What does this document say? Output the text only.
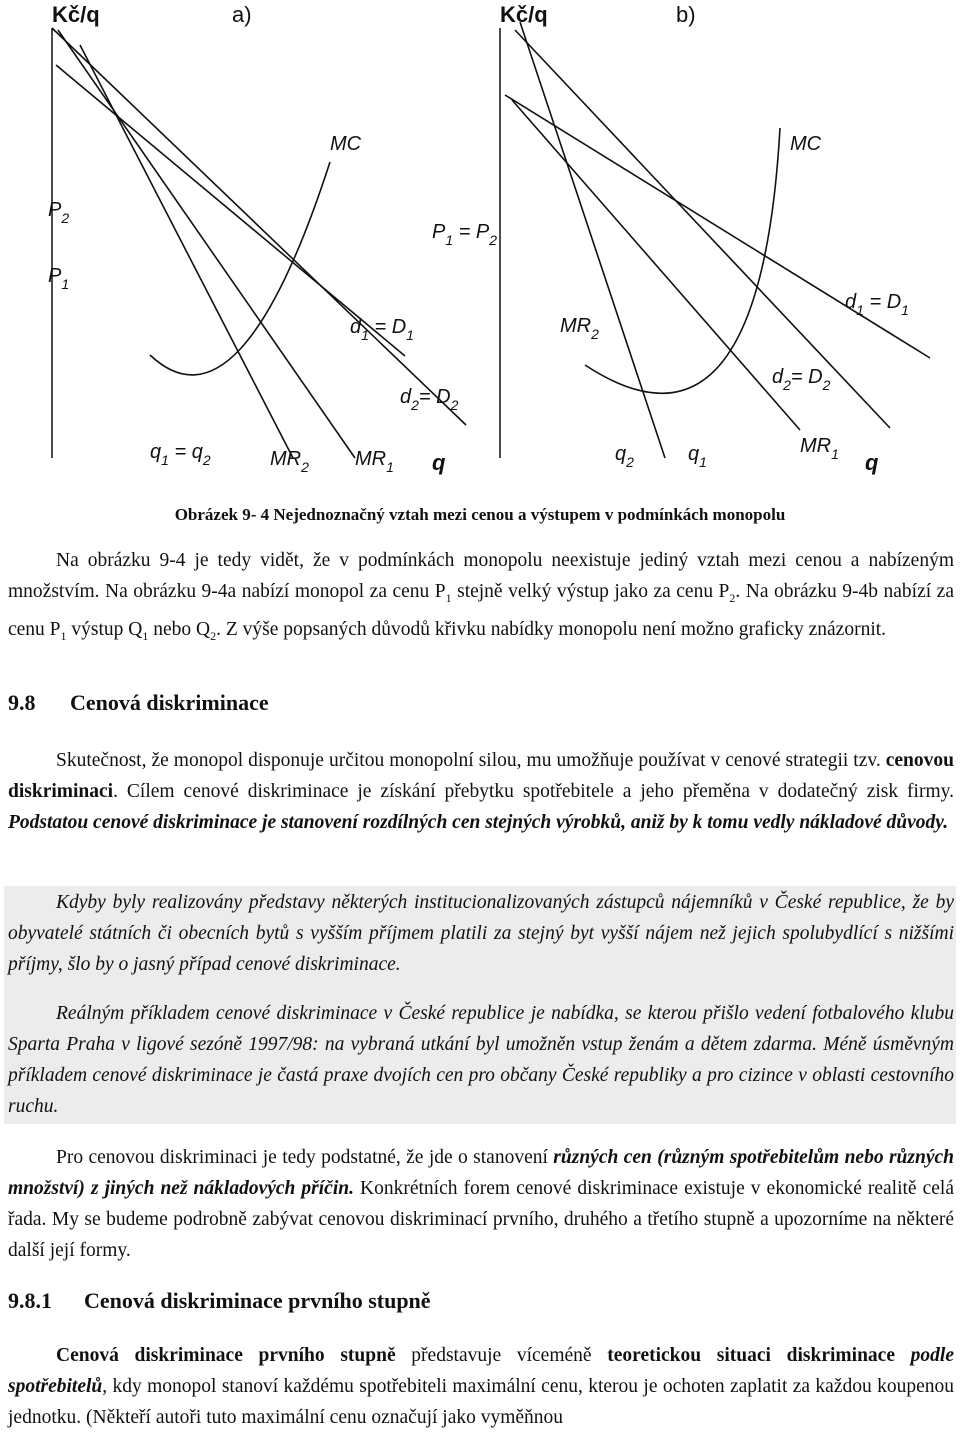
Kč/q	a)
MC
$P_2$
$P_1$
$d_1 = D_1$
$d_2= D_2$
$q_1 = q_2$	$MR_2$ $MR_1$ q
Kč/q	b)
MC
$P_1 = P_2$
$MR_2$
$d_1 = D_1$
$d_2= D_2$
$q_2$	$q_1$
$MR_1$ q
Obrázek 9- 4 Nejednoznačný vztah mezi cenou a výstupem v podmínkách monopolu

Na obrázku 9-4 je tedy vidět, že v podmínkách monopolu neexistuje jediný vztah mezi cenou a nabízeným množstvím. Na obrázku 9-4a nabízí monopol za cenu $P_1$ stejně velký výstup jako za cenu $P_2$. Na obrázku 9-4b nabízí za cenu $P_1$ výstup $Q_1$ nebo $Q_2$. Z výše popsaných důvodů křivku nabídky monopolu není možno graficky znázornit.

9.8 Cenová diskriminace

Skutečnost, že monopol disponuje určitou monopolní silou, mu umožňuje používat v cenové strategii tzv. cenovou diskriminaci. Cílem cenové diskriminace je získání přebytku spotřebitele a jeho přeměna v dodatečný zisk firmy. Podstatou cenové diskriminace je stanovení rozdílných cen stejných výrobků, aniž by k tomu vedly nákladové důvody.

Kdyby byly realizovány představy některých institucionalizovaných zástupců nájemníků v České republice, že by obyvatelé státních či obecních bytů s vyšším příjmem platili za stejný byt vyšší nájem než jejich spolubydlící s nižšími příjmy, šlo by o jasný případ cenové diskriminace.

Reálným příkladem cenové diskriminace v České republice je nabídka, se kterou přišlo vedení fotbalového klubu Sparta Praha v ligové sezóně 1997/98: na vybraná utkání byl umožněn vstup ženám a dětem zdarma. Méně úsměvným příkladem cenové diskriminace je častá praxe dvojích cen pro občany České republiky a pro cizince v oblasti cestovního ruchu.

Pro cenovou diskriminaci je tedy podstatné, že jde o stanovení různých cen (různým spotřebitelům nebo různých množství) z jiných než nákladových příčin. Konkrétních forem cenové diskriminace existuje v ekonomické realitě celá řada. My se budeme podrobně zabývat cenovou diskriminací prvního, druhého a třetího stupně a upozorníme na některé další její formy.

9.8.1 Cenová diskriminace prvního stupně

Cenová diskriminace prvního stupně představuje víceméně teoretickou situaci diskriminace podle spotřebitelů, kdy monopol stanoví každému spotřebiteli maximální cenu, kterou je ochoten zaplatit za každou koupenou jednotku. (Někteří autoři tuto maximální cenu označují jako vyměňnou
